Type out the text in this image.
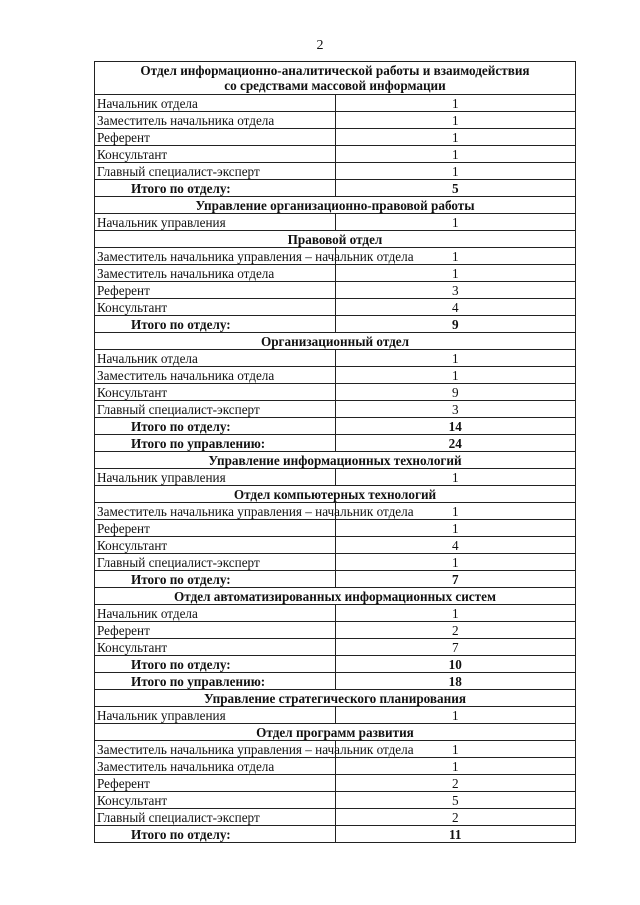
2
Отдел информационно-аналитической работы и взаимодействия
со средствами массовой информации	

Начальник отдела	1
Заместитель начальника отдела	1
Референт	1
Консультант	1
Главный специалист-эксперт	1
Итого по отделу:	5

Управление организационно-правовой работы	

Начальник управления	1

Правовой отдел	

Заместитель начальника управления – начальник отдела	1
Заместитель начальника отдела	1
Референт	3
Консультант	4
Итого по отделу:	9

Организационный отдел	

Начальник отдела	1
Заместитель начальника отдела	1
Консультант	9
Главный специалист-эксперт	3
Итого по отделу:	14
Итого по управлению:	24

Управление информационных технологий	

Начальник управления	1

Отдел компьютерных технологий	

Заместитель начальника управления – начальник отдела	1
Референт	1
Консультант	4
Главный специалист-эксперт	1
Итого по отделу:	7

Отдел автоматизированных информационных систем	

Начальник отдела	1
Референт	2
Консультант	7
Итого по отделу:	10
Итого по управлению:	18

Управление стратегического планирования	

Начальник управления	1

Отдел программ развития	

Заместитель начальника управления – начальник отдела	1
Заместитель начальника отдела	1
Референт	2
Консультант	5
Главный специалист-эксперт	2
Итого по отделу:	11
